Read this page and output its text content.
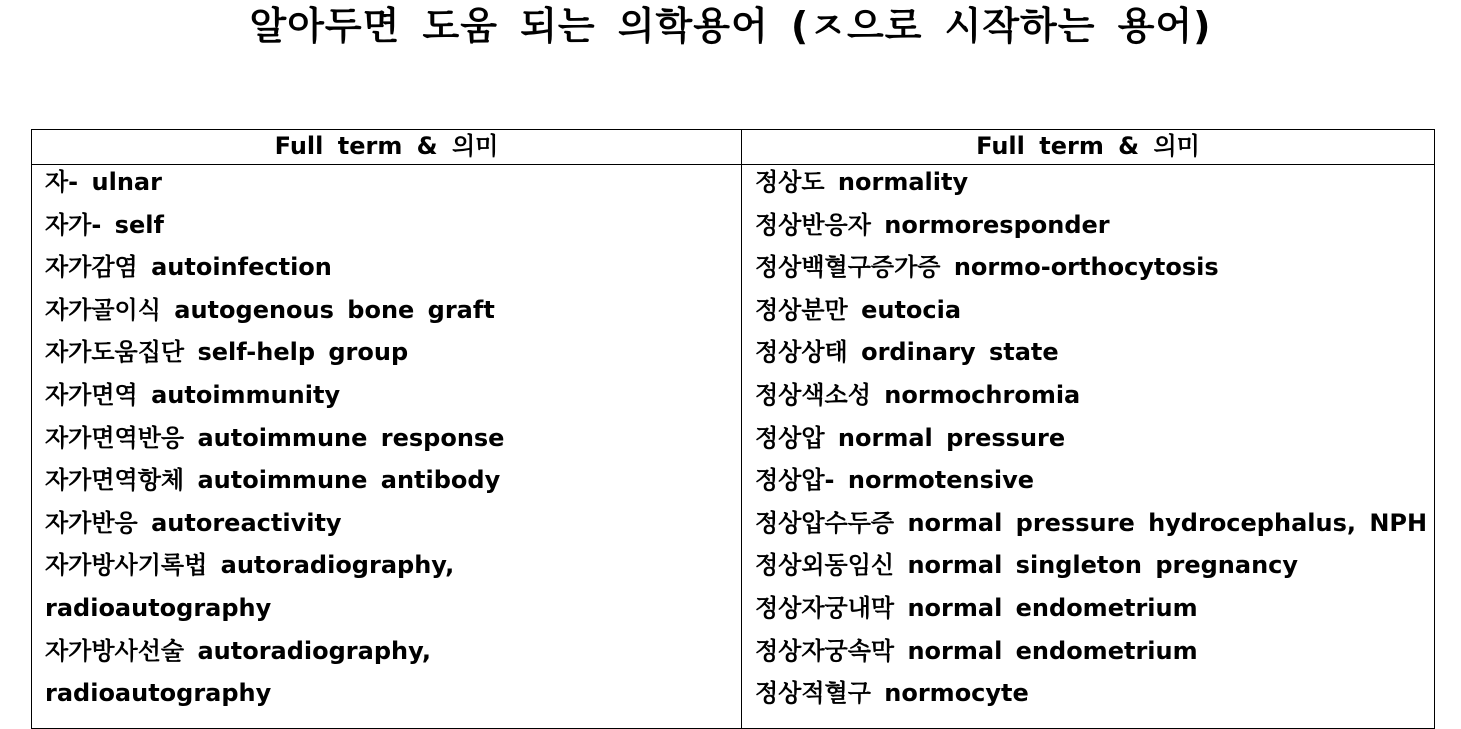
알아두면 도움 되는 의학용어 (ㅈ으로 시작하는 용어)
Full term & 의미
자- ulnar
자가- self
자가감염 autoinfection
자가골이식 autogenous bone graft
자가도움집단 self-help group
자가면역 autoimmunity
자가면역반응 autoimmune response
자가면역항체 autoimmune antibody
자가반응 autoreactivity
자가방사기록법 autoradiography,
radioautography
자가방사선술 autoradiography,
radioautography
Full term & 의미
정상도 normality
정상반응자 normoresponder
정상백혈구증가증 normo-orthocytosis
정상분만 eutocia
정상상태 ordinary state
정상색소성 normochromia
정상압 normal pressure
정상압- normotensive
정상압수두증 normal pressure hydrocephalus, NPH
정상외동임신 normal singleton pregnancy
정상자궁내막 normal endometrium
정상자궁속막 normal endometrium
정상적혈구 normocyte
